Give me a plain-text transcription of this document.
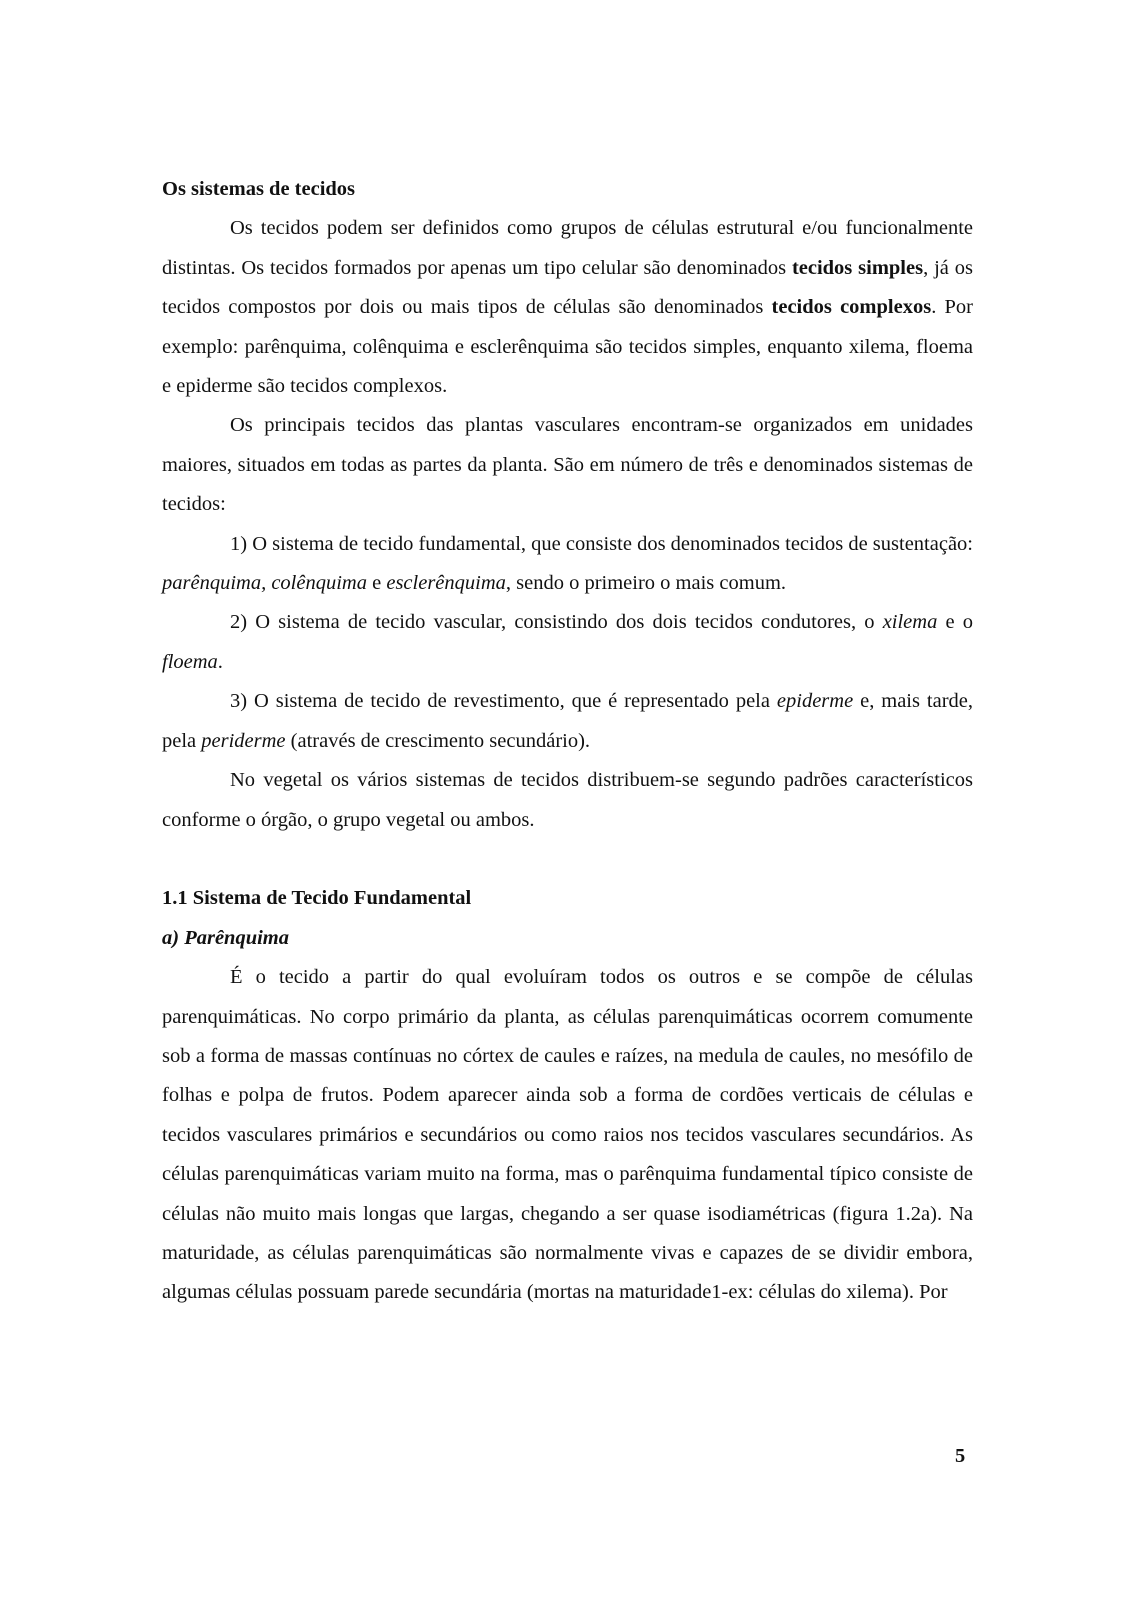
Os sistemas de tecidos

Os tecidos podem ser definidos como grupos de células estrutural e/ou funcionalmente distintas. Os tecidos formados por apenas um tipo celular são denominados tecidos simples, já os tecidos compostos por dois ou mais tipos de células são denominados tecidos complexos. Por exemplo: parênquima, colênquima e esclerênquima são tecidos simples, enquanto xilema, floema e epiderme são tecidos complexos.

Os principais tecidos das plantas vasculares encontram-se organizados em unidades maiores, situados em todas as partes da planta. São em número de três e denominados sistemas de tecidos:

1) O sistema de tecido fundamental, que consiste dos denominados tecidos de sustentação: parênquima, colênquima e esclerênquima, sendo o primeiro o mais comum.

2) O sistema de tecido vascular, consistindo dos dois tecidos condutores, o xilema e o floema.

3) O sistema de tecido de revestimento, que é representado pela epiderme e, mais tarde, pela periderme (através de crescimento secundário).

No vegetal os vários sistemas de tecidos distribuem-se segundo padrões característicos conforme o órgão, o grupo vegetal ou ambos.

1.1 Sistema de Tecido Fundamental
a) Parênquima

É o tecido a partir do qual evoluíram todos os outros e se compõe de células parenquimáticas. No corpo primário da planta, as células parenquimáticas ocorrem comumente sob a forma de massas contínuas no córtex de caules e raízes, na medula de caules, no mesófilo de folhas e polpa de frutos. Podem aparecer ainda sob a forma de cordões verticais de células e tecidos vasculares primários e secundários ou como raios nos tecidos vasculares secundários. As células parenquimáticas variam muito na forma, mas o parênquima fundamental típico consiste de células não muito mais longas que largas, chegando a ser quase isodiamétricas (figura 1.2a). Na maturidade, as células parenquimáticas são normalmente vivas e capazes de se dividir embora, algumas células possuam parede secundária (mortas na maturidade1-ex: células do xilema). Por

5
